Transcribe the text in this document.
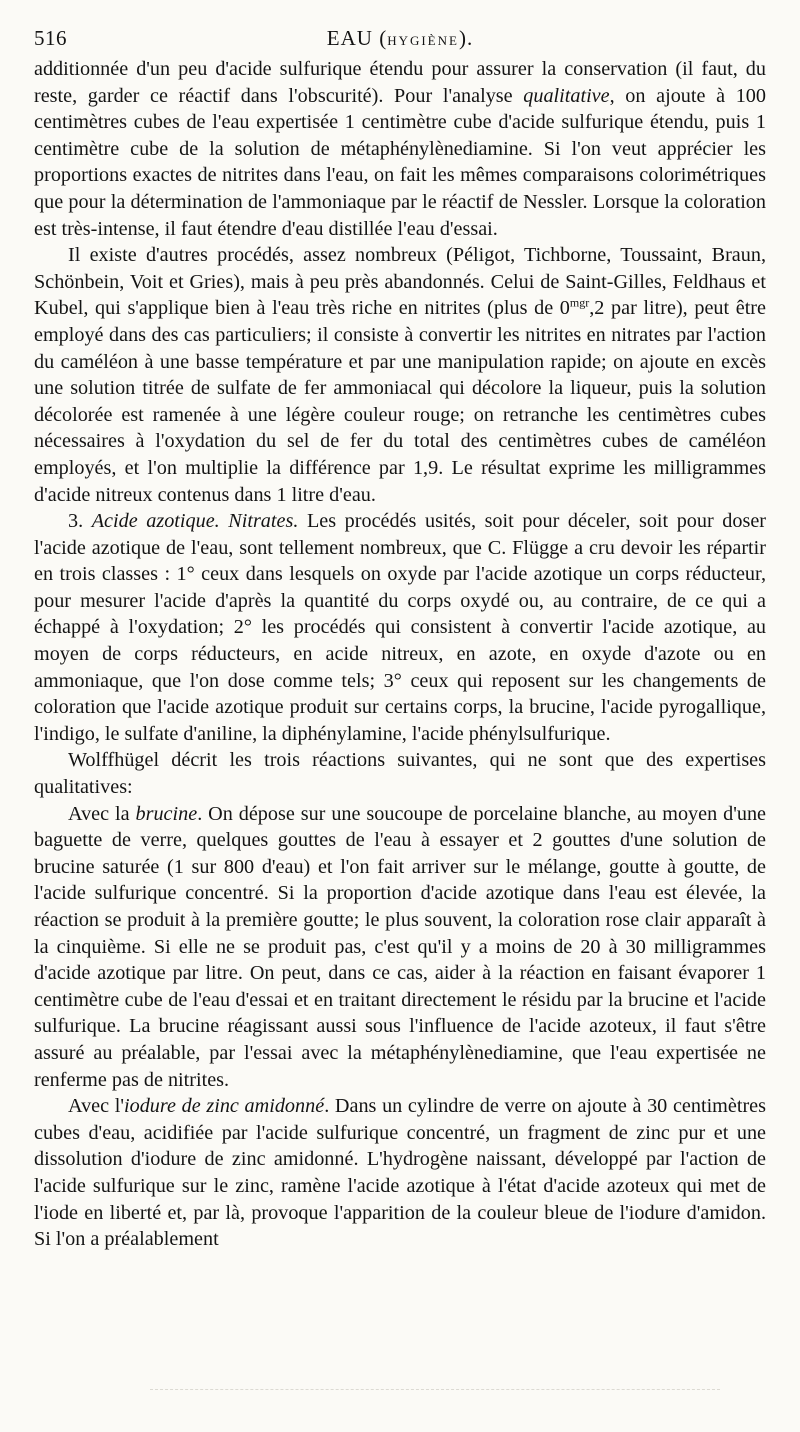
516	EAU (HYGIÈNE).

additionnée d'un peu d'acide sulfurique étendu pour assurer la conservation (il faut, du reste, garder ce réactif dans l'obscurité). Pour l'analyse qualitative, on ajoute à 100 centimètres cubes de l'eau expertisée 1 centimètre cube d'acide sulfurique étendu, puis 1 centimètre cube de la solution de métaphénylènediamine. Si l'on veut apprécier les proportions exactes de nitrites dans l'eau, on fait les mêmes comparaisons colorimétriques que pour la détermination de l'ammoniaque par le réactif de Nessler. Lorsque la coloration est très-intense, il faut étendre d'eau distillée l'eau d'essai.

Il existe d'autres procédés, assez nombreux (Péligot, Tichborne, Toussaint, Braun, Schönbein, Voit et Gries), mais à peu près abandonnés. Celui de Saint-Gilles, Feldhaus et Kubel, qui s'applique bien à l'eau très riche en nitrites (plus de $0^{mgr},2$ par litre), peut être employé dans des cas particuliers; il consiste à convertir les nitrites en nitrates par l'action du caméléon à une basse température et par une manipulation rapide; on ajoute en excès une solution titrée de sulfate de fer ammoniacal qui décolore la liqueur, puis la solution décolorée est ramenée à une légère couleur rouge; on retranche les centimètres cubes nécessaires à l'oxydation du sel de fer du total des centimètres cubes de caméléon employés, et l'on multiplie la différence par 1,9. Le résultat exprime les milligrammes d'acide nitreux contenus dans 1 litre d'eau.

3. Acide azotique. Nitrates. Les procédés usités, soit pour déceler, soit pour doser l'acide azotique de l'eau, sont tellement nombreux, que C. Flügge a cru devoir les répartir en trois classes : 1° ceux dans lesquels on oxyde par l'acide azotique un corps réducteur, pour mesurer l'acide d'après la quantité du corps oxydé ou, au contraire, de ce qui a échappé à l'oxydation; 2° les procédés qui consistent à convertir l'acide azotique, au moyen de corps réducteurs, en acide nitreux, en azote, en oxyde d'azote ou en ammoniaque, que l'on dose comme tels; 3° ceux qui reposent sur les changements de coloration que l'acide azotique produit sur certains corps, la brucine, l'acide pyrogallique, l'indigo, le sulfate d'aniline, la diphénylamine, l'acide phénylsulfurique.

Wolffhügel décrit les trois réactions suivantes, qui ne sont que des expertises qualitatives:

Avec la brucine. On dépose sur une soucoupe de porcelaine blanche, au moyen d'une baguette de verre, quelques gouttes de l'eau à essayer et 2 gouttes d'une solution de brucine saturée (1 sur 800 d'eau) et l'on fait arriver sur le mélange, goutte à goutte, de l'acide sulfurique concentré. Si la proportion d'acide azotique dans l'eau est élevée, la réaction se produit à la première goutte; le plus souvent, la coloration rose clair apparaît à la cinquième. Si elle ne se produit pas, c'est qu'il y a moins de 20 à 30 milligrammes d'acide azotique par litre. On peut, dans ce cas, aider à la réaction en faisant évaporer 1 centimètre cube de l'eau d'essai et en traitant directement le résidu par la brucine et l'acide sulfurique. La brucine réagissant aussi sous l'influence de l'acide azoteux, il faut s'être assuré au préalable, par l'essai avec la métaphénylènediamine, que l'eau expertisée ne renferme pas de nitrites.

Avec l'iodure de zinc amidonné. Dans un cylindre de verre on ajoute à 30 centimètres cubes d'eau, acidifiée par l'acide sulfurique concentré, un fragment de zinc pur et une dissolution d'iodure de zinc amidonné. L'hydrogène naissant, développé par l'action de l'acide sulfurique sur le zinc, ramène l'acide azotique à l'état d'acide azoteux qui met de l'iode en liberté et, par là, provoque l'apparition de la couleur bleue de l'iodure d'amidon. Si l'on a préalablement
